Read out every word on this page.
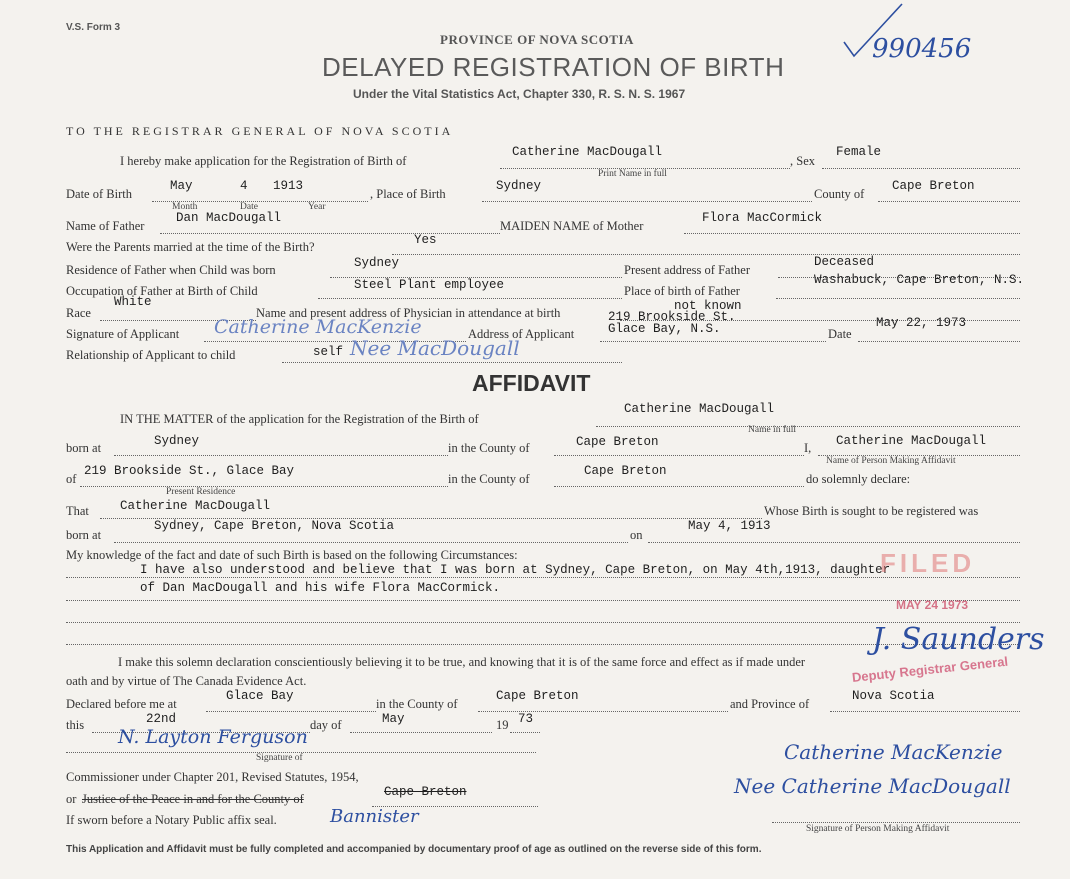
V.S. Form 3
PROVINCE OF NOVA SCOTIA
DELAYED REGISTRATION OF BIRTH
Under the Vital Statistics Act, Chapter 330, R. S. N. S. 1967
990456
TO THE REGISTRAR GENERAL OF NOVA SCOTIA
I hereby make application for the Registration of Birth of
Catherine MacDougall
Print Name in full
, Sex
Female
Date of Birth
May	4 1913
Month	Date	Year
, Place of Birth
Sydney
County of
Cape Breton
Name of Father
Dan MacDougall
MAIDEN NAME of Mother
Flora MacCormick
Were the Parents married at the time of the Birth?	Yes
Residence of Father when Child was born	Sydney	Present address of Father
Deceased
Occupation of Father at Birth of Child	Steel Plant employee	Place of birth of Father
Washabuck, Cape Breton, N.S.
Race
White
Name and present address of Physician in attendance at birth	not known
Signature of Applicant Catherine MacKenzie	Address of Applicant
219 Brookside St.
Glace Bay, N.S.	Date
May 22, 1973
Relationship of Applicant to child	self Nee MacDougall
AFFIDAVIT
IN THE MATTER of the application for the Registration of the Birth of
Catherine MacDougall
Name in full
born at	Sydney	in the County of	Cape Breton	I, Catherine MacDougall
Name of Person Making Affidavit
of
219 Brookside St., Glace Bay
in the County of
Cape Breton
do solemnly declare:
Present Residence
That Catherine MacDougall	Whose Birth is sought to be registered was
born at
Sydney, Cape Breton, Nova Scotia
on
May 4, 1913
My knowledge of the fact and date of such Birth is based on the following Circumstances:
I have also understood and believe that I was born at Sydney, Cape Breton, on May 4th,1913, daughter
of Dan MacDougall and his wife Flora MacCormick.
I make this solemn declaration conscientiously believing it to be true, and knowing that it is of the same force and effect as if made under
oath and by virtue of The Canada Evidence Act.
Declared before me at
Glace Bay
in the County of
Cape Breton
and Province of
Nova Scotia
this	22nd	day of	May	19 73
N. Layton Ferguson
Signature of
Commissioner under Chapter 201, Revised Statutes, 1954,
or Justice of the Peace in and for the County of	Cape Breton
If sworn before a Notary Public affix seal.	Bannister
Catherine MacKenzie
Nee Catherine MacDougall
Signature of Person Making Affidavit
FILED
MAY 24 1973
J. Saunders
Deputy Registrar General
This Application and Affidavit must be fully completed and accompanied by documentary proof of age as outlined on the reverse side of this form.
